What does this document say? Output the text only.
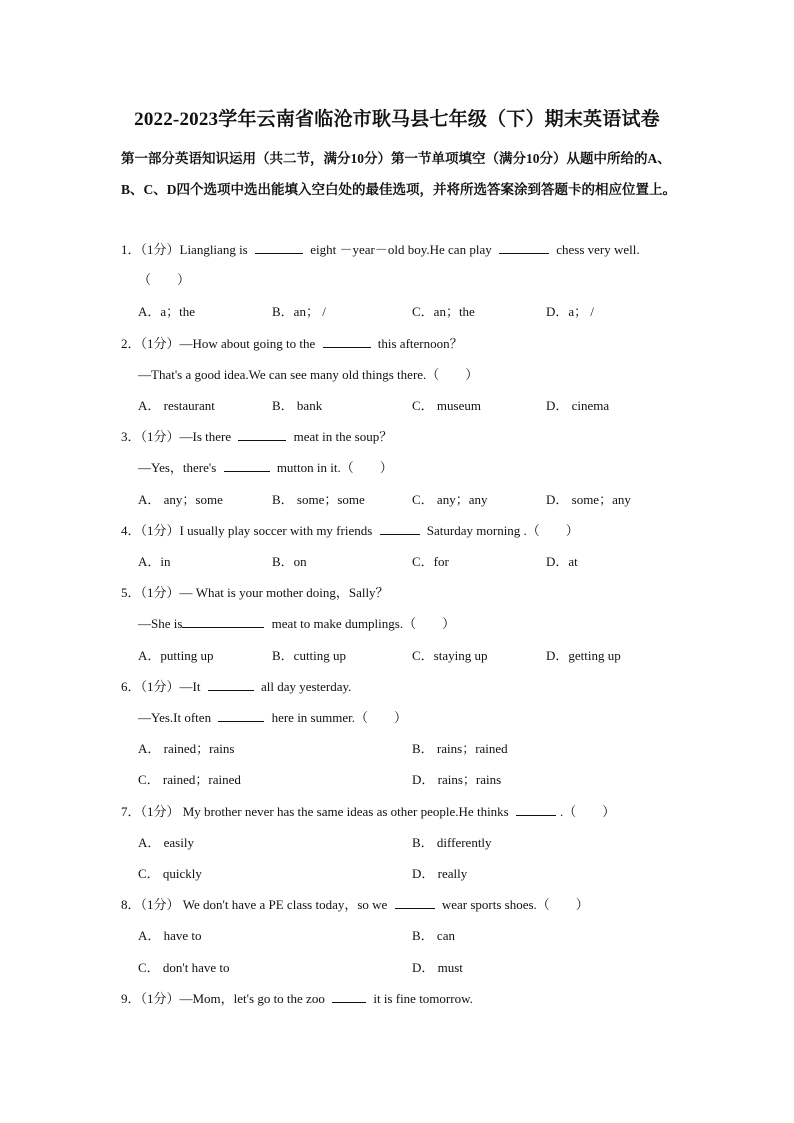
2022-2023学年云南省临沧市耿马县七年级（下）期末英语试卷
第一部分英语知识运用（共二节，满分10分）第一节单项填空（满分10分）从题中所给的A、B、C、D四个选项中选出能填入空白处的最佳选项，并将所选答案涂到答题卡的相应位置上。
1．（1分）Liangliang is	eight －year－old boy.He can play	chess very well.
（　　）
A．a；the	B．an； /	C．an；the	D．a； /
2．（1分）—How about going to the	this afternoon？
—That's a good idea.We can see many old things there.（　　）
A． restaurant	B． bank	C． museum	D． cinema
3．（1分）—Is there	meat in the soup？
—Yes，there's	mutton in it.（　　）
A． any；some	B． some；some	C． any；any	D． some；any
4．（1分）I usually play soccer with my friends	Saturday morning .（　　）
A．in	B．on	C．for	D．at
5．（1分）— What is your mother doing，Sally？
—She is	meat to make dumplings.（　　）
A．putting up	B．cutting up	C．staying up	D．getting up
6．（1分）—It	all day yesterday.
—Yes.It often	here in summer.（　　）
A． rained；rains	B． rains；rained
C． rained；rained	D． rains；rains
7．（1分） My brother never has the same ideas as other people.He thinks	.（　　）
A． easily	B． differently
C． quickly	D． really
8．（1分） We don't have a PE class today，so we	wear sports shoes.（　　）
A． have to	B． can
C． don't have to	D． must
9．（1分）—Mom，let's go to the zoo	it is fine tomorrow.
